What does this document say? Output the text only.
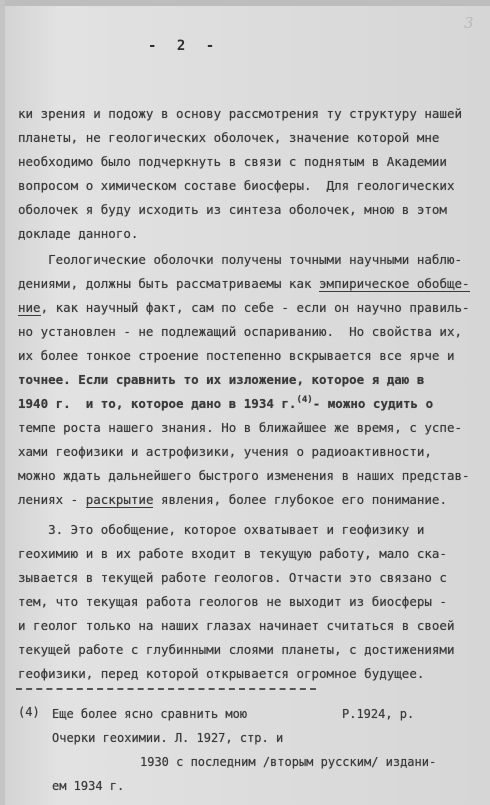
3
- 2 -
ки зрения и подожу в основу рассмотрения ту структуру нашей
планеты, не геологических оболочек, значение которой мне
необходимо было подчеркнуть в связи с поднятым в Академии
вопросом о химическом составе биосферы.  Для геологических
оболочек я буду исходить из синтеза оболочек, мною в этом
докладе данного.
Геологические оболочки получены точными научными наблю-
дениями, должны быть рассматриваемы как эмпирическое обобще-
ние, как научный факт, сам по себе - если он научно правиль-
но установлен - не подлежащий оспариванию.  Но свойства их,
их более тонкое строение постепенно вскрывается все ярче и
точнее. Если сравнить то их изложение, которое я даю в
1940 г.  и то, которое дано в 1934 г.$^{(4)}$- можно судить о
темпе роста нашего знания. Но в ближайшее же время, с успе-
хами геофизики и астрофизики, учения о радиоактивности,
можно ждать дальнейшего быстрого изменения в наших представ-
лениях - раскрытие явления, более глубокое его понимание.
3. Это обобщение, которое охватывает и геофизику и
геохимию и в их работе входит в текущую работу, мало ска-
зывается в текущей работе геологов. Отчасти это связано с
тем, что текущая работа геологов не выходит из биосферы -
и геолог только на наших глазах начинает считаться в своей
текущей работе с глубинными слоями планеты, с достижениями
геофизики, перед которой открывается огромное будущее.
(4) Еще более ясно сравнить мою	Р.1924, р.
Очерки геохимии. Л. 1927, стр. и
1930 с последним /вторым русским/ издани-
ем 1934 г.
